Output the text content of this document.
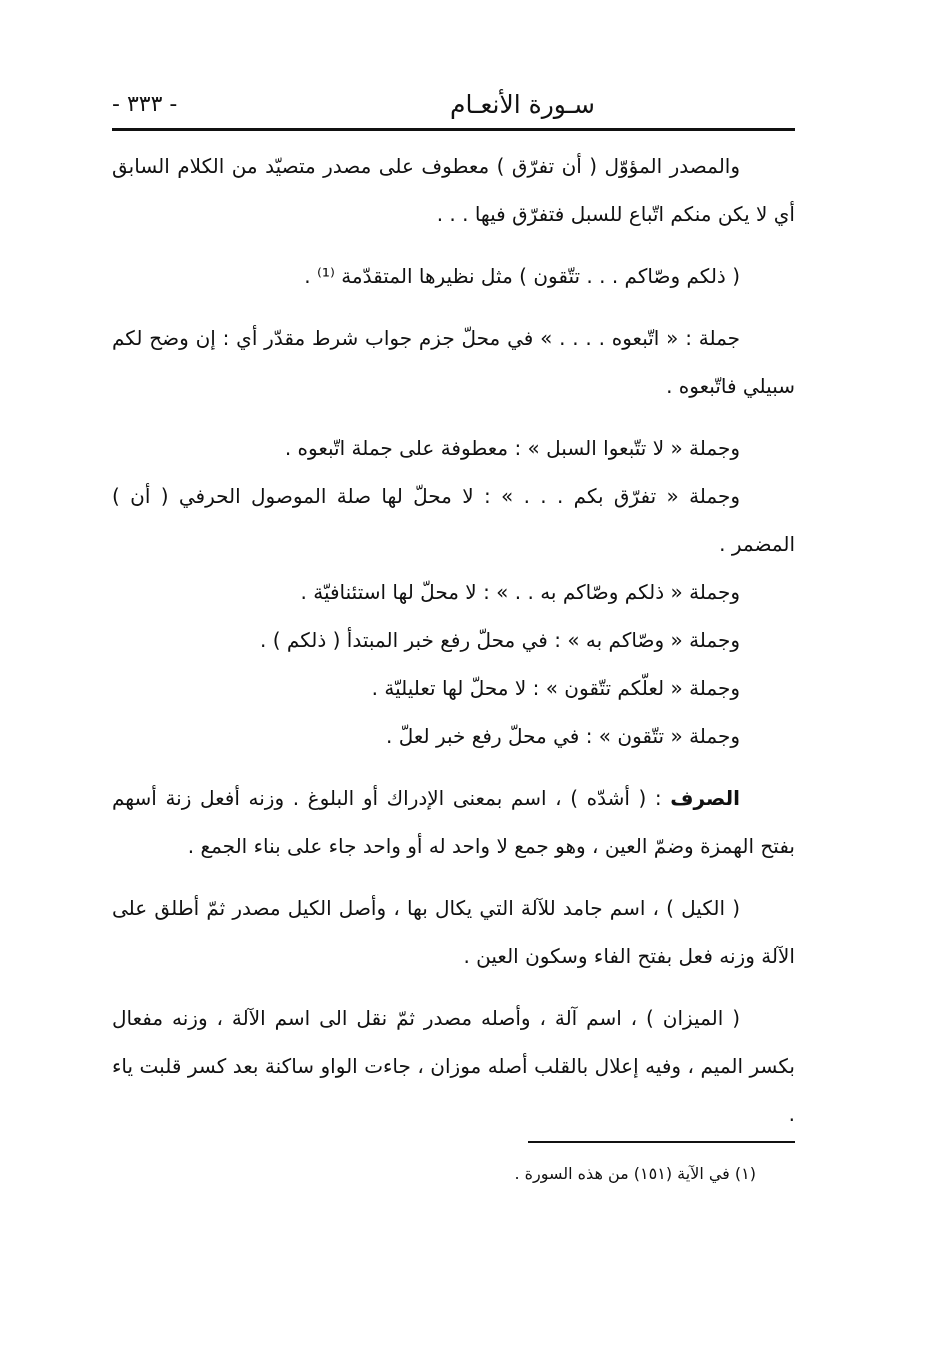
سـورة الأنعـام
- ٣٣٣ -

والمصدر المؤوّل ( أن تفرّق ) معطوف على مصدر متصيّد من الكلام السابق أي لا يكن منكم اتّباع للسبل فتفرّق فيها . . .

( ذلكم وصّاكم . . . تتّقون ) مثل نظيرها المتقدّمة ⁽¹⁾ .

جملة : « اتّبعوه . . . . » في محلّ جزم جواب شرط مقدّر أي : إن وضح لكم سبيلي فاتّبعوه .

وجملة « لا تتّبعوا السبل » : معطوفة على جملة اتّبعوه .

وجملة « تفرّق بكم . . . » : لا محلّ لها صلة الموصول الحرفي ( أن ) المضمر .

وجملة « ذلكم وصّاكم به . . » : لا محلّ لها استئنافيّة .

وجملة « وصّاكم به » : في محلّ رفع خبر المبتدأ ( ذلكم ) .

وجملة « لعلّكم تتّقون » : لا محلّ لها تعليليّة .

وجملة « تتّقون » : في محلّ رفع خبر لعلّ .

الصرف : ( أشدّه ) ، اسم بمعنى الإدراك أو البلوغ . وزنه أفعل زنة أسهم بفتح الهمزة وضمّ العين ، وهو جمع لا واحد له أو واحد جاء على بناء الجمع .

( الكيل ) ، اسم جامد للآلة التي يكال بها ، وأصل الكيل مصدر ثمّ أطلق على الآلة وزنه فعل بفتح الفاء وسكون العين .

( الميزان ) ، اسم آلة ، وأصله مصدر ثمّ نقل الى اسم الآلة ، وزنه مفعال بكسر الميم ، وفيه إعلال بالقلب أصله موزان ، جاءت الواو ساكنة بعد كسر قلبت ياء .

(١) في الآية (١٥١) من هذه السورة .
